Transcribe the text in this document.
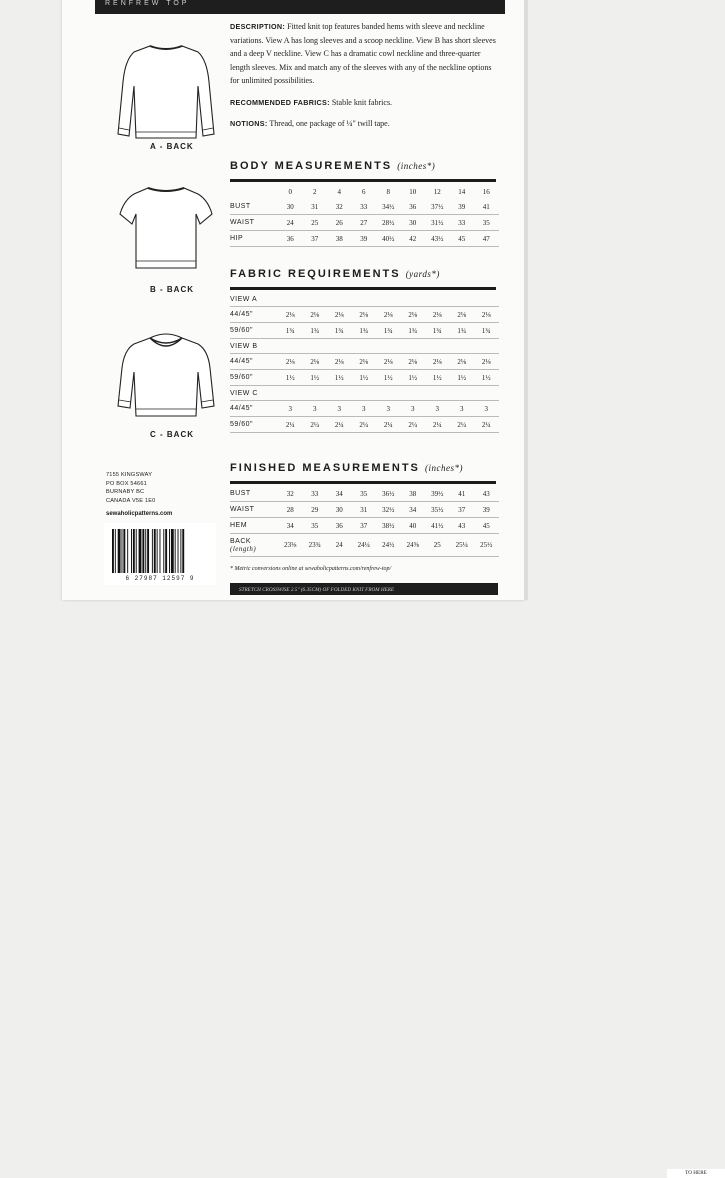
RENFREW TOP
A - BACK
B - BACK
C - BACK

DESCRIPTION: Fitted knit top features banded hems with sleeve and neckline variations. View A has long sleeves and a scoop neckline. View B has short sleeves and a deep V neckline. View C has a dramatic cowl neckline and three-quarter length sleeves. Mix and match any of the sleeves with any of the neckline options for unlimited possibilities.

RECOMMENDED FABRICS: Stable knit fabrics.

NOTIONS: Thread, one package of ¼" twill tape.

BODY MEASUREMENTS (inches*)
	0	2	4	6	8	10	12	14	16
BUST	30	31	32	33	34½	36	37½	39	41
WAIST	24	25	26	27	28½	30	31½	33	35
HIP	36	37	38	39	40½	42	43½	45	47
FABRIC REQUIREMENTS (yards*)
VIEW A									
44/45"	2⅛	2⅛	2⅛	2⅛	2⅛	2⅛	2⅛	2⅛	2⅛
59/60"	1¾	1¾	1¾	1¾	1¾	1¾	1¾	1¾	1¾
VIEW B									
44/45"	2⅛	2⅛	2⅛	2⅛	2⅛	2⅛	2⅛	2⅛	2⅛
59/60"	1½	1½	1½	1½	1½	1½	1½	1½	1½
VIEW C									
44/45"	3	3	3	3	3	3	3	3	3
59/60"	2¼	2¼	2¼	2¼	2¼	2¼	2¼	2¼	2¼
FINISHED MEASUREMENTS (inches*)
BUST	32	33	34	35	36½	38	39½	41	43
WAIST	28	29	30	31	32½	34	35½	37	39
HEM	34	35	36	37	38½	40	41½	43	45
BACK
(length)	23⅛	23¾	24	24¼	24½	24⅝	25	25¼	25½
* Metric conversions online at sewaholicpatterns.com/renfrew-top/
7155 KINGSWAY
PO BOX 54661
BURNABY BC
CANADA V5E 1E0
sewaholicpatterns.com
6 27987 12597 9
STRETCH CROSSWISE 2.5" (6.35CM) OF FOLDED KNIT FROM HERE
TO HERE
